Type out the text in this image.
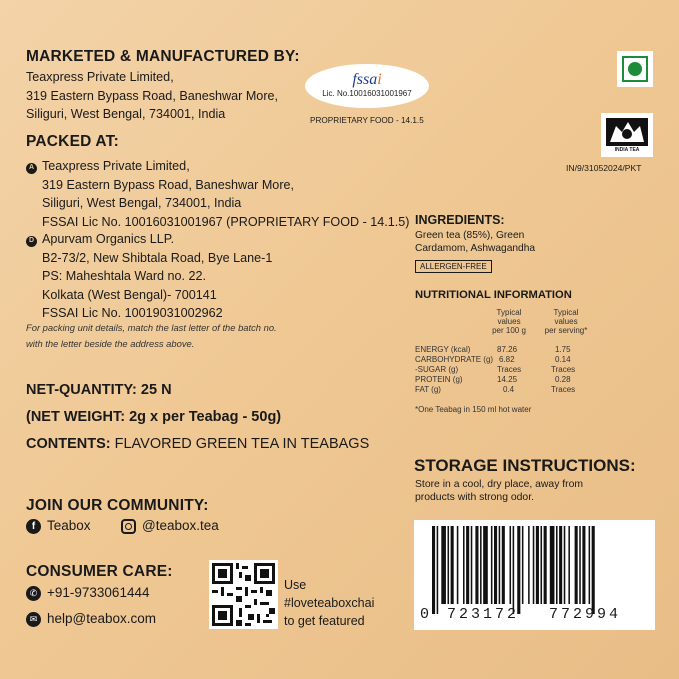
MARKETED & MANUFACTURED BY:
Teaxpress Private Limited,
319 Eastern Bypass Road, Baneshwar More,
Siliguri, West Bengal, 734001, India
fssai
Lic. No.10016031001967
PROPRIETARY FOOD - 14.1.5
INDIA TEA
IN/9/31052024/PKT
PACKED AT:
A Teaxpress Private Limited,
319 Eastern Bypass Road, Baneshwar More,
Siliguri, West Bengal, 734001, India
FSSAI Lic No. 10016031001967 (PROPRIETARY FOOD - 14.1.5)
D Apurvam Organics LLP.
B2-73/2, New Shibtala Road, Bye Lane-1
PS: Maheshtala Ward no. 22.
Kolkata (West Bengal)- 700141
FSSAI Lic No. 10019031002962
For packing unit details, match the last letter of the batch no.
with the letter beside the address above.
INGREDIENTS:
Green tea (85%), Green
Cardamom, Ashwagandha
ALLERGEN-FREE
NUTRITIONAL INFORMATION
Typical
values
per 100 g
Typical
values
per serving*
ENERGY (kcal)	87.26	1.75
CARBOHYDRATE (g) 6.82	0.14
-SUGAR (g)	Traces	Traces
PROTEIN (g)	14.25	0.28
FAT (g)	0.4	Traces
*One Teabag in 150 ml hot water
NET-QUANTITY: 25 N
(NET WEIGHT: 2g x per Teabag - 50g)
CONTENTS: FLAVORED GREEN TEA IN TEABAGS
STORAGE INSTRUCTIONS:
Store in a cool, dry place, away from
products with strong odor.
JOIN OUR COMMUNITY:
f Teabox	@teabox.tea
CONSUMER CARE:
✆ +91-9733061444
✉ help@teabox.com
Use
#loveteaboxchai
to get featured	0 723172 772994
